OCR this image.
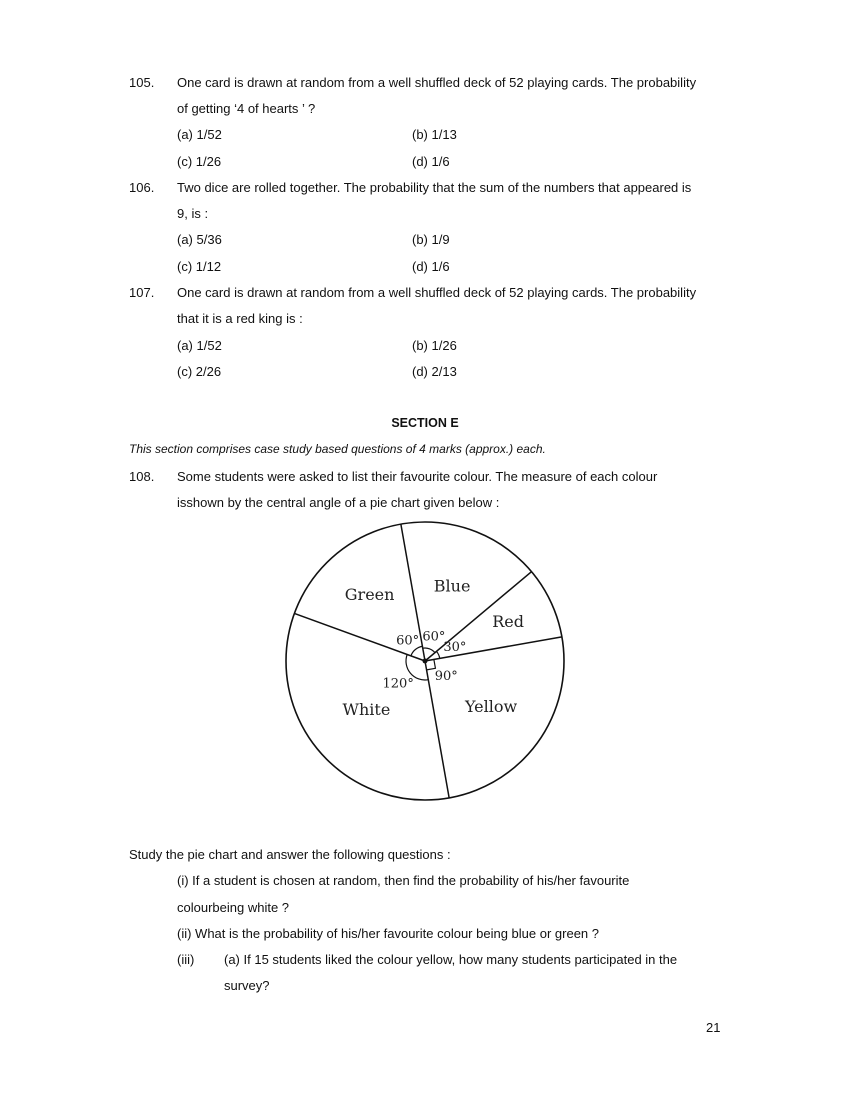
105. One card is drawn at random from a well shuffled deck of 52 playing cards. The probability
of getting ‘4 of hearts ’ ?
(a) 1/52	(b) 1/13
(c) 1/26	(d) 1/6
106. Two dice are rolled together. The probability that the sum of the numbers that appeared is
9, is :
(a) 5/36	(b) 1/9
(c) 1/12	(d) 1/6
107. One card is drawn at random from a well shuffled deck of 52 playing cards. The probability
that it is a red king is :
(a) 1/52	(b) 1/26
(c) 2/26	(d) 2/13
SECTION E
This section comprises case study based questions of 4 marks (approx.) each.
108. Some students were asked to list their favourite colour. The measure of each colour
isshown by the central angle of a pie chart given below :
Blue
Red
Yellow
White
Green
60°
30°
90°
120°
60°
Study the pie chart and answer the following questions :
(i) If a student is chosen at random, then find the probability of his/her favourite
colourbeing white ?
(ii) What is the probability of his/her favourite colour being blue or green ?
(iii) (a) If 15 students liked the colour yellow, how many students participated in the
survey?
21
